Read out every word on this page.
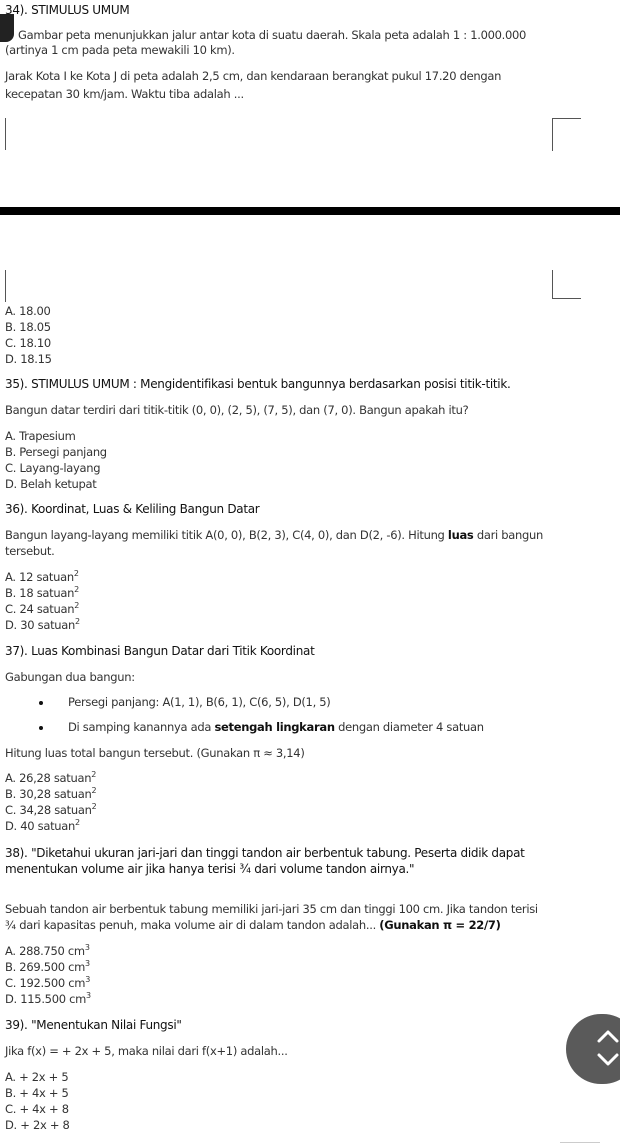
34). STIMULUS UMUM
Gambar peta menunjukkan jalur antar kota di suatu daerah. Skala peta adalah 1 : 1.000.000
(artinya 1 cm pada peta mewakili 10 km).
Jarak Kota I ke Kota J di peta adalah 2,5 cm, dan kendaraan berangkat pukul 17.20 dengan
kecepatan 30 km/jam. Waktu tiba adalah ...
A. 18.00
B. 18.05
C. 18.10
D. 18.15
35). STIMULUS UMUM : Mengidentifikasi bentuk bangunnya berdasarkan posisi titik-titik.
Bangun datar terdiri dari titik-titik (0, 0), (2, 5), (7, 5), dan (7, 0). Bangun apakah itu?
A. Trapesium
B. Persegi panjang
C. Layang-layang
D. Belah ketupat
36). Koordinat, Luas & Keliling Bangun Datar
Bangun layang-layang memiliki titik A(0, 0), B(2, 3), C(4, 0), dan D(2, -6). Hitung luas dari bangun
tersebut.
A. 12 satuan$^2$
B. 18 satuan$^2$
C. 24 satuan$^2$
D. 30 satuan$^2$
37). Luas Kombinasi Bangun Datar dari Titik Koordinat
Gabungan dua bangun:
Persegi panjang: A(1, 1), B(6, 1), C(6, 5), D(1, 5)
Di samping kanannya ada setengah lingkaran dengan diameter 4 satuan
Hitung luas total bangun tersebut. (Gunakan π ≈ 3,14)
A. 26,28 satuan$^2$
B. 30,28 satuan$^2$
C. 34,28 satuan$^2$
D. 40 satuan$^2$
38). "Diketahui ukuran jari-jari dan tinggi tandon air berbentuk tabung. Peserta didik dapat
menentukan volume air jika hanya terisi ¾ dari volume tandon airnya."
Sebuah tandon air berbentuk tabung memiliki jari-jari 35 cm dan tinggi 100 cm. Jika tandon terisi
¾ dari kapasitas penuh, maka volume air di dalam tandon adalah... (Gunakan π = 22/7)
A. 288.750 $cm^3$
B. 269.500 $cm^3$
C. 192.500 $cm^3$
D. 115.500 $cm^3$
39). "Menentukan Nilai Fungsi"
Jika f(x) = + 2x + 5, maka nilai dari f(x+1) adalah...
A. + 2x + 5
B. + 4x + 5
C. + 4x + 8
D. + 2x + 8
